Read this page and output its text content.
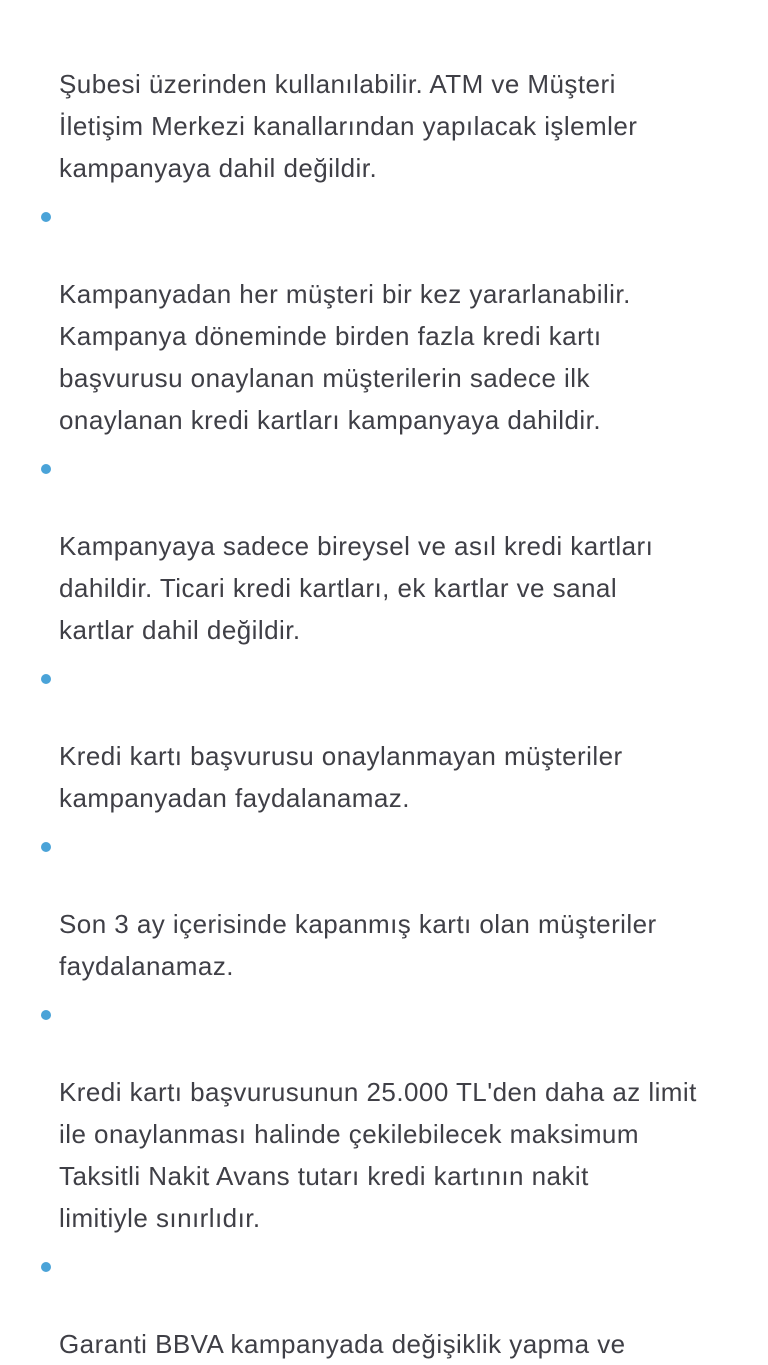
Şubesi üzerinden kullanılabilir. ATM ve Müşteri
İletişim Merkezi kanallarından yapılacak işlemler
kampanyaya dahil değildir.

Kampanyadan her müşteri bir kez yararlanabilir.
Kampanya döneminde birden fazla kredi kartı
başvurusu onaylanan müşterilerin sadece ilk
onaylanan kredi kartları kampanyaya dahildir.

Kampanyaya sadece bireysel ve asıl kredi kartları
dahildir. Ticari kredi kartları, ek kartlar ve sanal
kartlar dahil değildir.

Kredi kartı başvurusu onaylanmayan müşteriler
kampanyadan faydalanamaz.

Son 3 ay içerisinde kapanmış kartı olan müşteriler
faydalanamaz.

Kredi kartı başvurusunun 25.000 TL'den daha az limit
ile onaylanması halinde çekilebilecek maksimum
Taksitli Nakit Avans tutarı kredi kartının nakit
limitiyle sınırlıdır.

Garanti BBVA kampanyada değişiklik yapma ve
